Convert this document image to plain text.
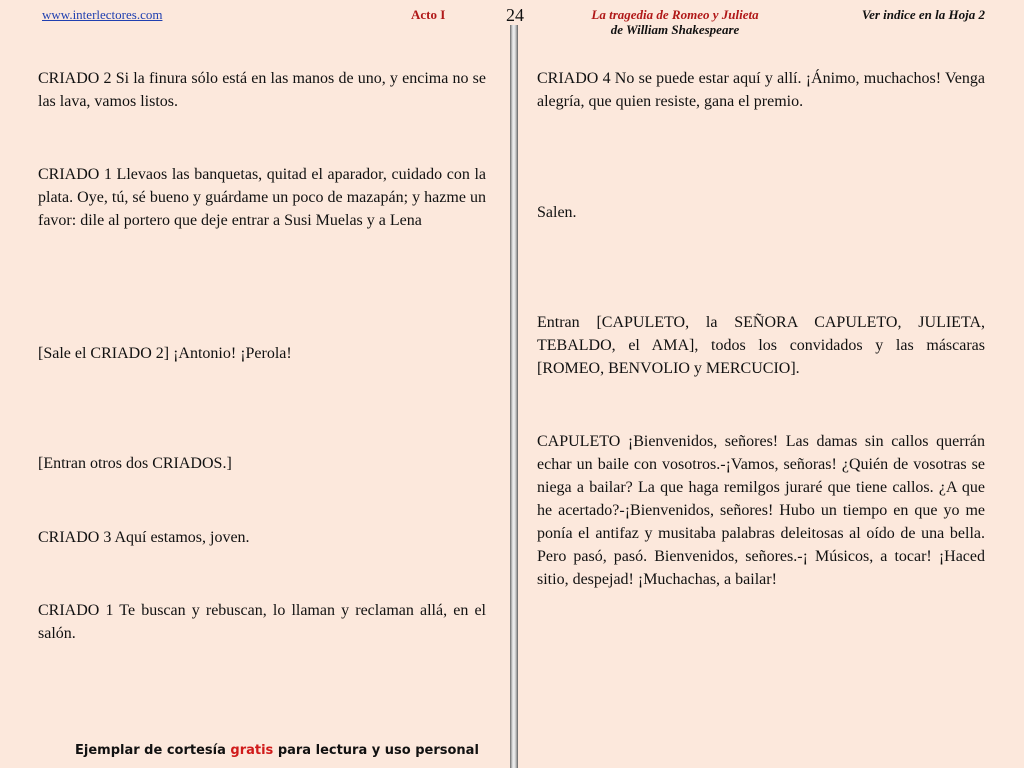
www.interlectores.com	Acto I	24	La tragedia de Romeo y Julieta
de William Shakespeare
Ver indice en la Hoja 2

CRIADO 2 Si la finura sólo está en las manos de uno, y encima no se las lava, vamos listos.

CRIADO 1 Llevaos las banquetas, quitad el aparador, cuidado con la plata. Oye, tú, sé bueno y guárdame un poco de mazapán; y hazme un favor: dile al portero que deje entrar a Susi Muelas y a Lena

[Sale el CRIADO 2] ¡Antonio! ¡Perola!

[Entran otros dos CRIADOS.]

CRIADO 3 Aquí estamos, joven.

CRIADO 1 Te buscan y rebuscan, lo llaman y reclaman allá, en el salón.

CRIADO 4 No se puede estar aquí y allí. ¡Ánimo, muchachos! Venga alegría, que quien resiste, gana el premio.

Salen.

Entran [CAPULETO, la SEÑORA CAPULETO, JULIETA, TEBALDO, el AMA], todos los convidados y las máscaras [ROMEO, BENVOLIO y MERCUCIO].

CAPULETO ¡Bienvenidos, señores! Las damas sin callos querrán echar un baile con vosotros.-¡Vamos, señoras! ¿Quién de vosotras se niega a bailar? La que haga remilgos juraré que tiene callos. ¿A que he acertado?-¡Bienvenidos, señores! Hubo un tiempo en que yo me ponía el antifaz y musitaba palabras deleitosas al oído de una bella. Pero pasó, pasó. Bienvenidos, señores.-¡ Músicos, a tocar! ¡Haced sitio, despejad! ¡Muchachas, a bailar!

Ejemplar de cortesía gratis para lectura y uso personal
